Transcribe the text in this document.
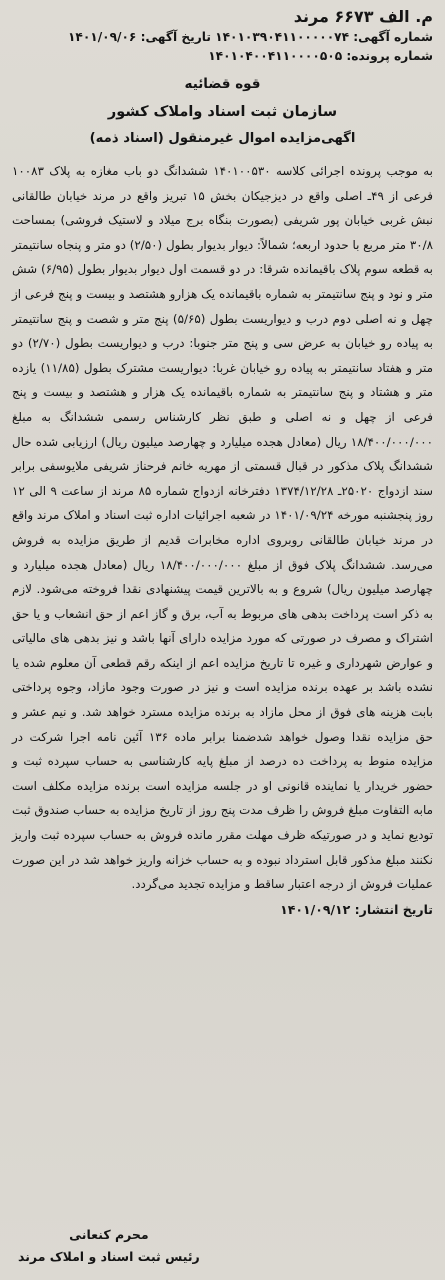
م. الف ۶۶۷۳ مرند
شماره آگهی: ۱۴۰۱۰۳۹۰۴۱۱۰۰۰۰۰۷۴ تاریخ آگهی: ۱۴۰۱/۰۹/۰۶
شماره پرونده: ۱۴۰۱۰۴۰۰۴۱۱۰۰۰۰۵۰۵
قوه قضائیه
سازمان ثبت اسناد واملاک کشور
اگهی‌مزایده اموال غیرمنقول (اسناد ذمه)
به موجب پرونده اجرائی کلاسه ۱۴۰۱۰۰۵۳۰ ششدانگ دو باب مغازه به پلاک ۱۰۰۸۳ فرعی از ۴۹ـ اصلی واقع در دیزجیکان بخش ۱۵ تبریز واقع در مرند خیابان طالقانی نبش غربی خیابان پور شریفی (بصورت بنگاه برج میلاد و لاستیک فروشی) بمساحت ۳۰/۸ متر مربع با حدود اربعه؛ شمالاً: دیوار بدیوار بطول (۲/۵۰) دو متر و پنجاه سانتیمتر به قطعه سوم پلاک باقیمانده شرقا: در دو قسمت اول دیوار بدیوار بطول (۶/۹۵) شش متر و نود و پنج سانتیمتر به شماره باقیمانده یک هزارو هشتصد و بیست و پنج فرعی از چهل و نه اصلی دوم درب و دیواریست بطول (۵/۶۵) پنج متر و شصت و پنج سانتیمتر به پیاده رو خیابان به عرض سی و پنج متر جنوبا: درب و دیواریست بطول (۲/۷۰) دو متر و هفتاد سانتیمتر به پیاده رو خیابان غربا: دیواریست مشترک بطول (۱۱/۸۵) یازده متر و هشتاد و پنج سانتیمتر به شماره باقیمانده یک هزار و هشتصد و بیست و پنج فرعی از چهل و نه اصلی و طبق نظر کارشناس رسمی ششدانگ به مبلغ ۱۸/۴۰۰/۰۰۰/۰۰۰ ریال (معادل هجده میلیارد و چهارصد میلیون ریال) ارزیابی شده حال ششدانگ پلاک مذکور در قبال قسمتی از مهریه خانم فرحناز شریفی ملایوسفی برابر سند ازدواج ۲۵۰۲۰ـ ۱۳۷۴/۱۲/۲۸ دفترخانه ازدواج شماره ۸۵ مرند از ساعت ۹ الی ۱۲ روز پنجشنبه مورخه ۱۴۰۱/۰۹/۲۴ در شعبه اجرائیات اداره ثبت اسناد و املاک مرند واقع در مرند خیابان طالقانی روبروی اداره مخابرات قدیم از طریق مزایده به فروش می‌رسد. ششدانگ پلاک فوق از مبلغ ۱۸/۴۰۰/۰۰۰/۰۰۰ ریال (معادل هجده میلیارد و چهارصد میلیون ریال) شروع و به بالاترین قیمت پیشنهادی نقدا فروخته می‌شود. لازم به ذکر است پرداخت بدهی های مربوط به آب، برق و گاز اعم از حق انشعاب و یا حق اشتراک و مصرف در صورتی که مورد مزایده دارای آنها باشد و نیز بدهی های مالیاتی و عوارض شهرداری و غیره تا تاریخ مزایده اعم از اینکه رقم قطعی آن معلوم شده یا نشده باشد بر عهده برنده مزایده است و نیز در صورت وجود مازاد، وجوه پرداختی بابت هزینه های فوق از محل مازاد به برنده مزایده مسترد خواهد شد. و نیم عشر و حق مزایده نقدا وصول خواهد شدضمنا برابر ماده ۱۳۶ آئین نامه اجرا شرکت در مزایده منوط به پرداخت ده درصد از مبلغ پایه کارشناسی به حساب سپرده ثبت و حضور خریدار یا نماینده قانونی او در جلسه مزایده است برنده مزایده مکلف است مابه التفاوت مبلغ فروش را ظرف مدت پنج روز از تاریخ مزایده به حساب صندوق ثبت تودیع نماید و در صورتیکه ظرف مهلت مقرر مانده فروش به حساب سپرده ثبت واریز نکنند مبلغ مذکور قابل استرداد نبوده و به حساب خزانه واریز خواهد شد در این صورت عملیات فروش از درجه اعتبار ساقط و مزایده تجدید می‌گردد.
تاریخ انتشار: ۱۴۰۱/۰۹/۱۲
محرم کنعانی
رئیس ثبت اسناد و املاک مرند
